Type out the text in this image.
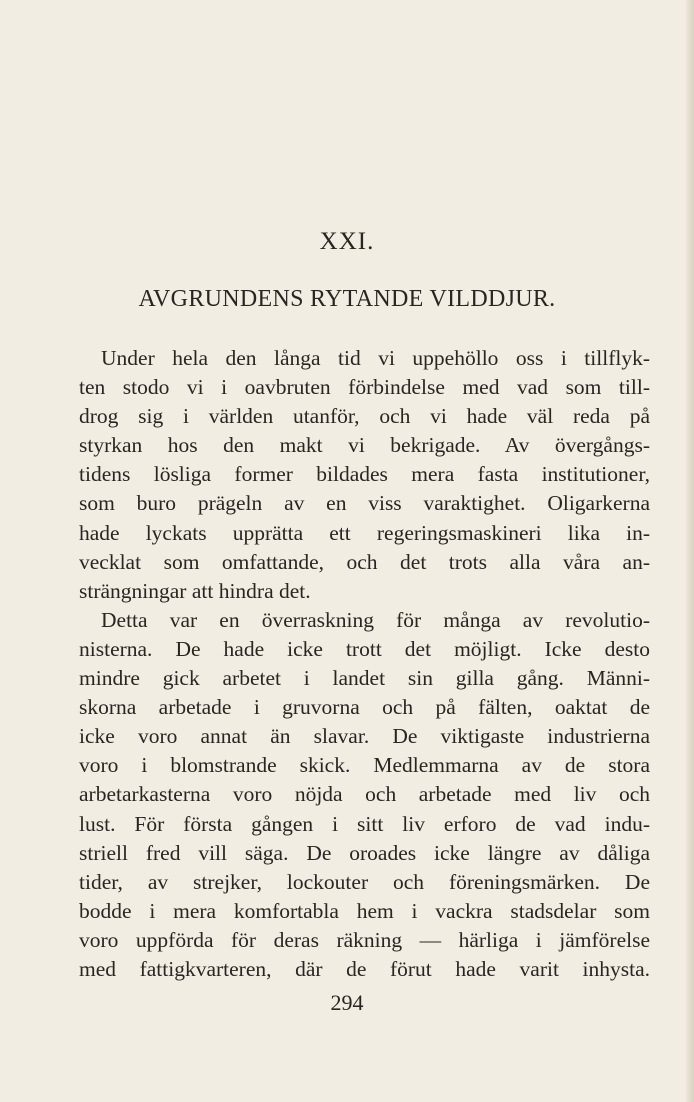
XXI.
AVGRUNDENS RYTANDE VILDDJUR.
Under hela den långa tid vi uppehöllo oss i tillflyk-
ten stodo vi i oavbruten förbindelse med vad som till-
drog sig i världen utanför, och vi hade väl reda på
styrkan hos den makt vi bekrigade. Av övergångs-
tidens lösliga former bildades mera fasta institutioner,
som buro prägeln av en viss varaktighet. Oligarkerna
hade lyckats upprätta ett regeringsmaskineri lika in-
vecklat som omfattande, och det trots alla våra an-
strängningar att hindra det.
Detta var en överraskning för många av revolutio-
nisterna. De hade icke trott det möjligt. Icke desto
mindre gick arbetet i landet sin gilla gång. Männi-
skorna arbetade i gruvorna och på fälten, oaktat de
icke voro annat än slavar. De viktigaste industrierna
voro i blomstrande skick. Medlemmarna av de stora
arbetarkasterna voro nöjda och arbetade med liv och
lust. För första gången i sitt liv erforo de vad indu-
striell fred vill säga. De oroades icke längre av dåliga
tider, av strejker, lockouter och föreningsmärken. De
bodde i mera komfortabla hem i vackra stadsdelar som
voro uppförda för deras räkning — härliga i jämförelse
med fattigkvarteren, där de förut hade varit inhysta.
294
